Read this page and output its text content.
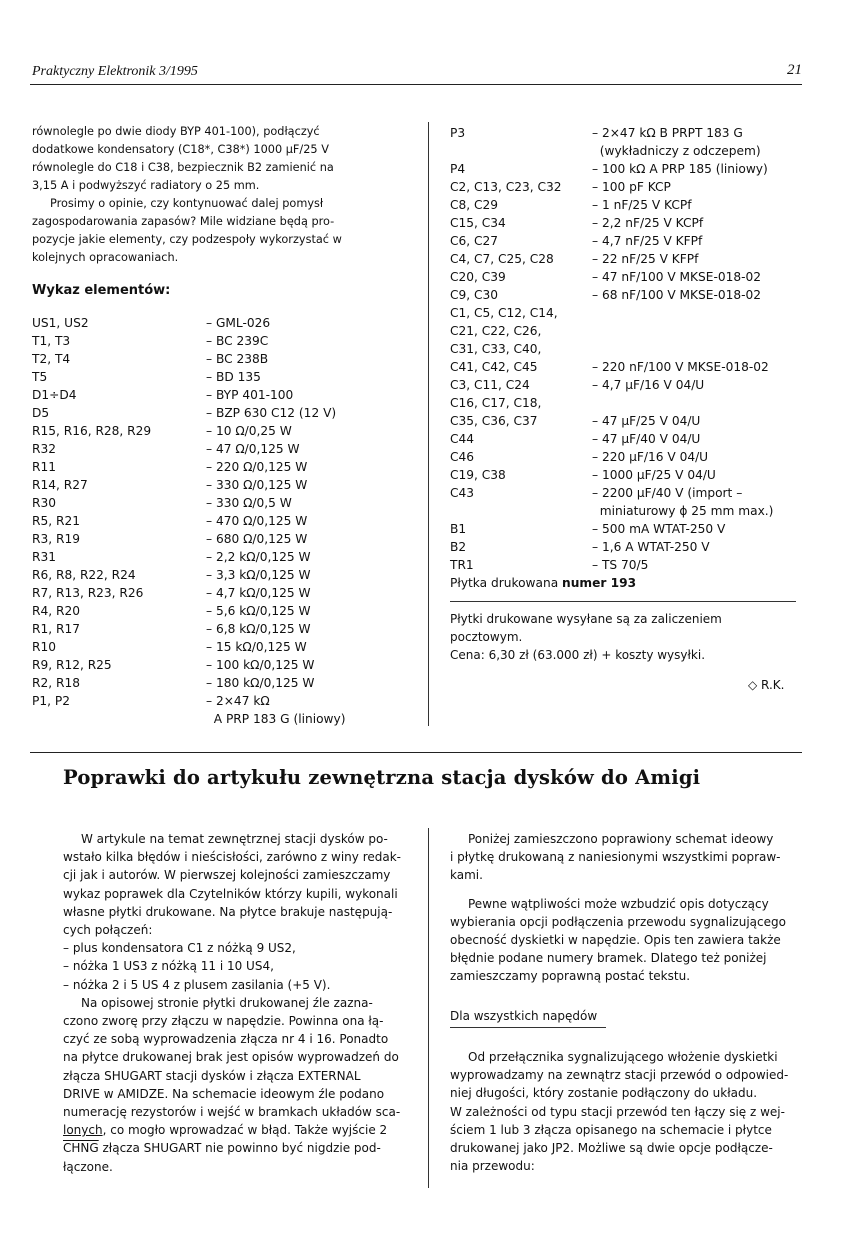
Praktyczny Elektronik 3/1995	21
równolegle po dwie diody BYP 401-100), podłączyć
dodatkowe kondensatory (C18*, C38*) 1000 μF/25 V
równolegle do C18 i C38, bezpiecznik B2 zamienić na
3,15 A i podwyższyć radiatory o 25 mm.
Prosimy o opinie, czy kontynuować dalej pomysł
zagospodarowania zapasów? Mile widziane będą pro-
pozycje jakie elementy, czy podzespoły wykorzystać w
kolejnych opracowaniach.
Wykaz elementów:
US1, US2	– GML-026
T1, T3	– BC 239C
T2, T4	– BC 238B
T5	– BD 135
D1÷D4	– BYP 401-100
D5	– BZP 630 C12 (12 V)
R15, R16, R28, R29	– 10 Ω/0,25 W
R32	– 47 Ω/0,125 W
R11	– 220 Ω/0,125 W
R14, R27	– 330 Ω/0,125 W
R30	– 330 Ω/0,5 W
R5, R21	– 470 Ω/0,125 W
R3, R19	– 680 Ω/0,125 W
R31	– 2,2 kΩ/0,125 W
R6, R8, R22, R24	– 3,3 kΩ/0,125 W
R7, R13, R23, R26	– 4,7 kΩ/0,125 W
R4, R20	– 5,6 kΩ/0,125 W
R1, R17	– 6,8 kΩ/0,125 W
R10	– 15 kΩ/0,125 W
R9, R12, R25	– 100 kΩ/0,125 W
R2, R18	– 180 kΩ/0,125 W
P1, P2	– 2×47 kΩ
A PRP 183 G (liniowy)
P3	– 2×47 kΩ B PRPT 183 G
(wykładniczy z odczepem)
P4	– 100 kΩ A PRP 185 (liniowy)
C2, C13, C23, C32 – 100 pF KCP
C8, C29	– 1 nF/25 V KCPf
C15, C34	– 2,2 nF/25 V KCPf
C6, C27	– 4,7 nF/25 V KFPf
C4, C7, C25, C28	– 22 nF/25 V KFPf
C20, C39	– 47 nF/100 V MKSE-018-02
C9, C30	– 68 nF/100 V MKSE-018-02
C1, C5, C12, C14,
C21, C22, C26,
C31, C33, C40,
C41, C42, C45	– 220 nF/100 V MKSE-018-02
C3, C11, C24	– 4,7 μF/16 V 04/U
C16, C17, C18,
C35, C36, C37	– 47 μF/25 V 04/U
C44	– 47 μF/40 V 04/U
C46	– 220 μF/16 V 04/U
C19, C38	– 1000 μF/25 V 04/U
C43	– 2200 μF/40 V (import –
miniaturowy ϕ 25 mm max.)
B1	– 500 mA WTAT-250 V
B2	– 1,6 A WTAT-250 V
TR1	– TS 70/5
Płytka drukowana numer 193
Płytki drukowane wysyłane są za zaliczeniem
pocztowym.
Cena: 6,30 zł (63.000 zł) + koszty wysyłki.
◇ R.K.
Poprawki do artykułu zewnętrzna stacja dysków do Amigi

W artykule na temat zewnętrznej stacji dysków po-
wstało kilka błędów i nieścisłości, zarówno z winy redak-
cji jak i autorów. W pierwszej kolejności zamieszczamy
wykaz poprawek dla Czytelników którzy kupili, wykonali
własne płytki drukowane. Na płytce brakuje następują-
cych połączeń:
– plus kondensatora C1 z nóżką 9 US2,
– nóżka 1 US3 z nóżką 11 i 10 US4,
– nóżka 2 i 5 US 4 z plusem zasilania (+5 V).
Na opisowej stronie płytki drukowanej źle zazna-
czono zworę przy złączu w napędzie. Powinna ona łą-
czyć ze sobą wyprowadzenia złącza nr 4 i 16. Ponadto
na płytce drukowanej brak jest opisów wyprowadzeń do
złącza SHUGART stacji dysków i złącza EXTERNAL
DRIVE w AMIDZE. Na schemacie ideowym źle podano
numerację rezystorów i wejść w bramkach układów sca-
lonych, co mogło wprowadzać w błąd. Także wyjście 2
CHNG złącza SHUGART nie powinno być nigdzie pod-
łączone.

Poniżej zamieszczono poprawiony schemat ideowy
i płytkę drukowaną z naniesionymi wszystkimi popraw-
kami.

Pewne wątpliwości może wzbudzić opis dotyczący
wybierania opcji podłączenia przewodu sygnalizującego
obecność dyskietki w napędzie. Opis ten zawiera także
błędnie podane numery bramek. Dlatego też poniżej
zamieszczamy poprawną postać tekstu.

Dla wszystkich napędów

Od przełącznika sygnalizującego włożenie dyskietki
wyprowadzamy na zewnątrz stacji przewód o odpowied-
niej długości, który zostanie podłączony do układu.
W zależności od typu stacji przewód ten łączy się z wej-
ściem 1 lub 3 złącza opisanego na schemacie i płytce
drukowanej jako JP2. Możliwe są dwie opcje podłącze-
nia przewodu:
